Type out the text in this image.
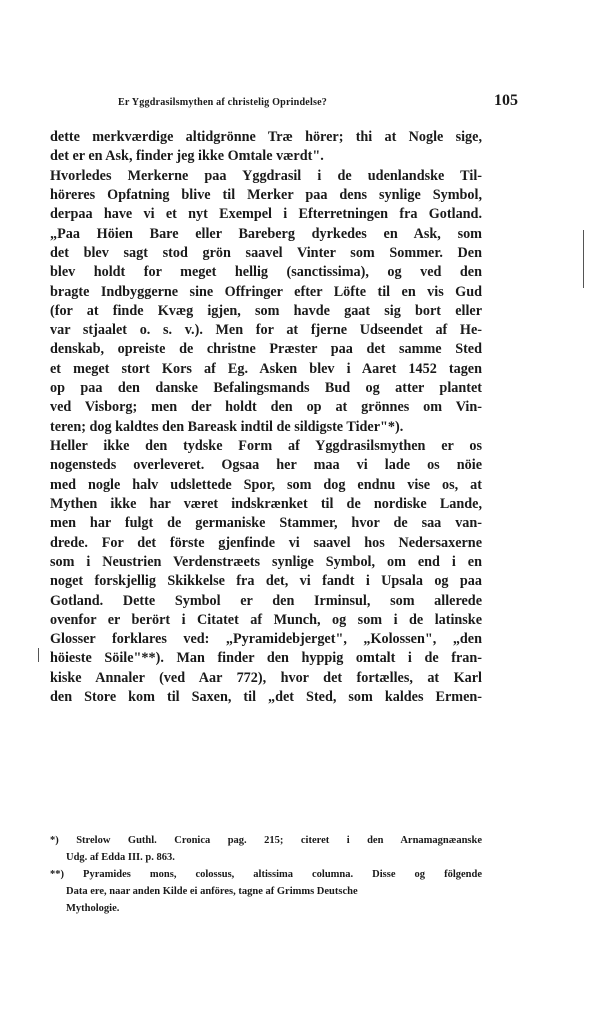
Er Yggdrasilsmythen af christelig Oprindelse?	105
dette merkværdige altidgrönne Træ hörer; thi at Nogle sige,
det er en Ask, finder jeg ikke Omtale værdt".
Hvorledes Merkerne paa Yggdrasil i de udenlandske Til-
höreres Opfatning blive til Merker paa dens synlige Symbol,
derpaa have vi et nyt Exempel i Efterretningen fra Gotland.
„Paa Höien Bare eller Bareberg dyrkedes en Ask, som
det blev sagt stod grön saavel Vinter som Sommer. Den
blev holdt for meget hellig (sanctissima), og ved den
bragte Indbyggerne sine Offringer efter Löfte til en vis Gud
(for at finde Kvæg igjen, som havde gaat sig bort eller
var stjaalet o. s. v.). Men for at fjerne Udseendet af He-
denskab, opreiste de christne Præster paa det samme Sted
et meget stort Kors af Eg. Asken blev i Aaret 1452 tagen
op paa den danske Befalingsmands Bud og atter plantet
ved Visborg; men der holdt den op at grönnes om Vin-
teren; dog kaldtes den Bareask indtil de sildigste Tider"*).
Heller ikke den tydske Form af Yggdrasilsmythen er os
nogensteds overleveret. Ogsaa her maa vi lade os nöie
med nogle halv udslettede Spor, som dog endnu vise os, at
Mythen ikke har været indskrænket til de nordiske Lande,
men har fulgt de germaniske Stammer, hvor de saa van-
drede. For det förste gjenfinde vi saavel hos Nedersaxerne
som i Neustrien Verdenstræets synlige Symbol, om end i en
noget forskjellig Skikkelse fra det, vi fandt i Upsala og paa
Gotland. Dette Symbol er den Irminsul, som allerede
ovenfor er berört i Citatet af Munch, og som i de latinske
Glosser forklares ved: „Pyramidebjerget", „Kolossen", „den
höieste Söile"**). Man finder den hyppig omtalt i de fran-
kiske Annaler (ved Aar 772), hvor det fortælles, at Karl
den Store kom til Saxen, til „det Sted, som kaldes Ermen-
*) Strelow Guthl. Cronica pag. 215; citeret i den Arnamagnæanske
Udg. af Edda III. p. 863.
**) Pyramides mons, colossus, altissima columna. Disse og fölgende
Data ere, naar anden Kilde ei anföres, tagne af Grimms Deutsche
Mythologie.
